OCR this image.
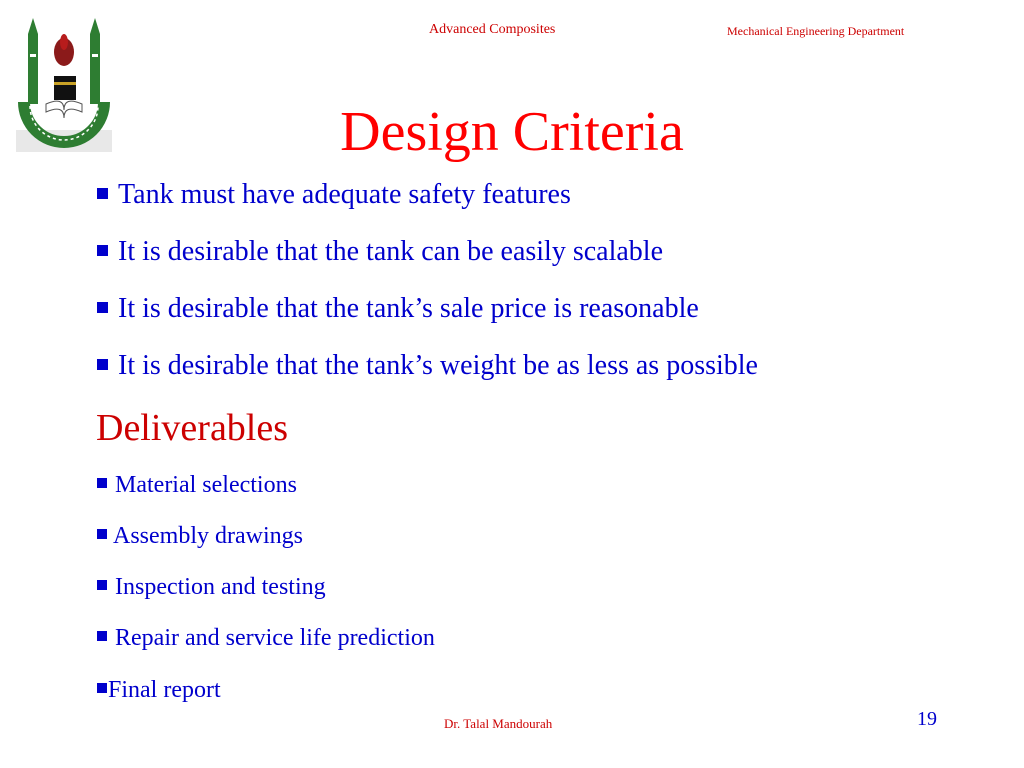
Advanced Composites	Mechanical Engineering Department
Design Criteria
Tank must have adequate safety features
It is desirable that the tank can be easily scalable
It is desirable that the tank’s sale price is reasonable
It is desirable that the tank’s weight be as less as possible
Deliverables
Material selections
Assembly drawings
Inspection and testing
Repair and service life prediction
Final report
Dr. Talal Mandourah	19
